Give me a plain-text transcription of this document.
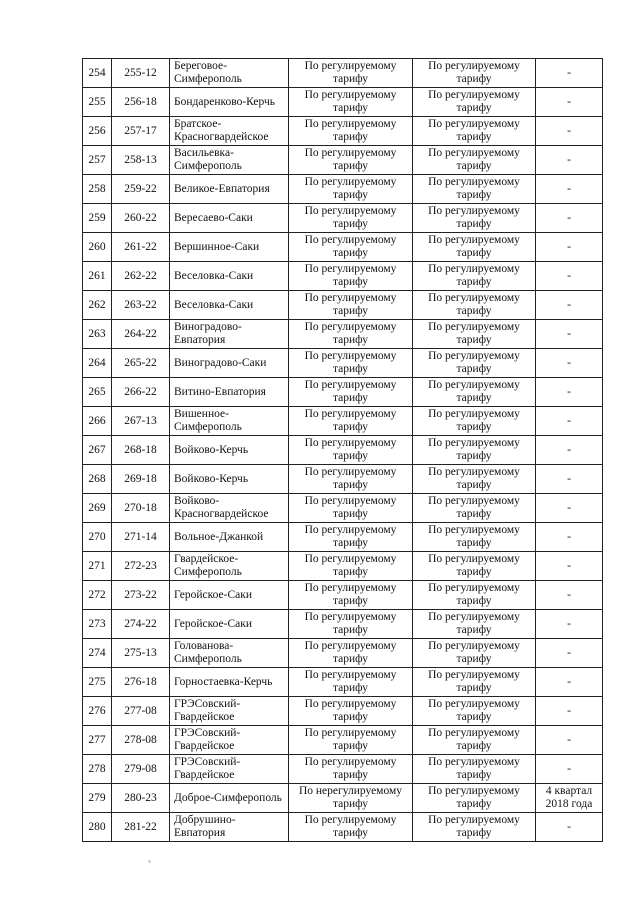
254	255-12	Береговое-Симферополь	По регулируемому тарифу	По регулируемому тарифу	-
255	256-18	Бондаренково-Керчь	По регулируемому тарифу	По регулируемому тарифу	-
256	257-17	Братское-Красногвардейское	По регулируемому тарифу	По регулируемому тарифу	-
257	258-13	Васильевка-Симферополь	По регулируемому тарифу	По регулируемому тарифу	-
258	259-22	Великое-Евпатория	По регулируемому тарифу	По регулируемому тарифу	-
259	260-22	Вересаево-Саки	По регулируемому тарифу	По регулируемому тарифу	-
260	261-22	Вершинное-Саки	По регулируемому тарифу	По регулируемому тарифу	-
261	262-22	Веселовка-Саки	По регулируемому тарифу	По регулируемому тарифу	-
262	263-22	Веселовка-Саки	По регулируемому тарифу	По регулируемому тарифу	-
263	264-22	Виноградово-Евпатория	По регулируемому тарифу	По регулируемому тарифу	-
264	265-22	Виноградово-Саки	По регулируемому тарифу	По регулируемому тарифу	-
265	266-22	Витино-Евпатория	По регулируемому тарифу	По регулируемому тарифу	-
266	267-13	Вишенное-Симферополь	По регулируемому тарифу	По регулируемому тарифу	-
267	268-18	Войково-Керчь	По регулируемому тарифу	По регулируемому тарифу	-
268	269-18	Войково-Керчь	По регулируемому тарифу	По регулируемому тарифу	-
269	270-18	Войково-Красногвардейское	По регулируемому тарифу	По регулируемому тарифу	-
270	271-14	Вольное-Джанкой	По регулируемому тарифу	По регулируемому тарифу	-
271	272-23	Гвардейское-Симферополь	По регулируемому тарифу	По регулируемому тарифу	-
272	273-22	Геройское-Саки	По регулируемому тарифу	По регулируемому тарифу	-
273	274-22	Геройское-Саки	По регулируемому тарифу	По регулируемому тарифу	-
274	275-13	Голованова-Симферополь	По регулируемому тарифу	По регулируемому тарифу	-
275	276-18	Горностаевка-Керчь	По регулируемому тарифу	По регулируемому тарифу	-
276	277-08	ГРЭСовский-Гвардейское	По регулируемому тарифу	По регулируемому тарифу	-
277	278-08	ГРЭСовский-Гвардейское	По регулируемому тарифу	По регулируемому тарифу	-
278	279-08	ГРЭСовский-Гвардейское	По регулируемому тарифу	По регулируемому тарифу	-
279	280-23	Доброе-Симферополь	По нерегулируемому тарифу	По регулируемому тарифу	4 квартал 2018 года
280	281-22	Добрушино-Евпатория	По регулируемому тарифу	По регулируемому тарифу	-
